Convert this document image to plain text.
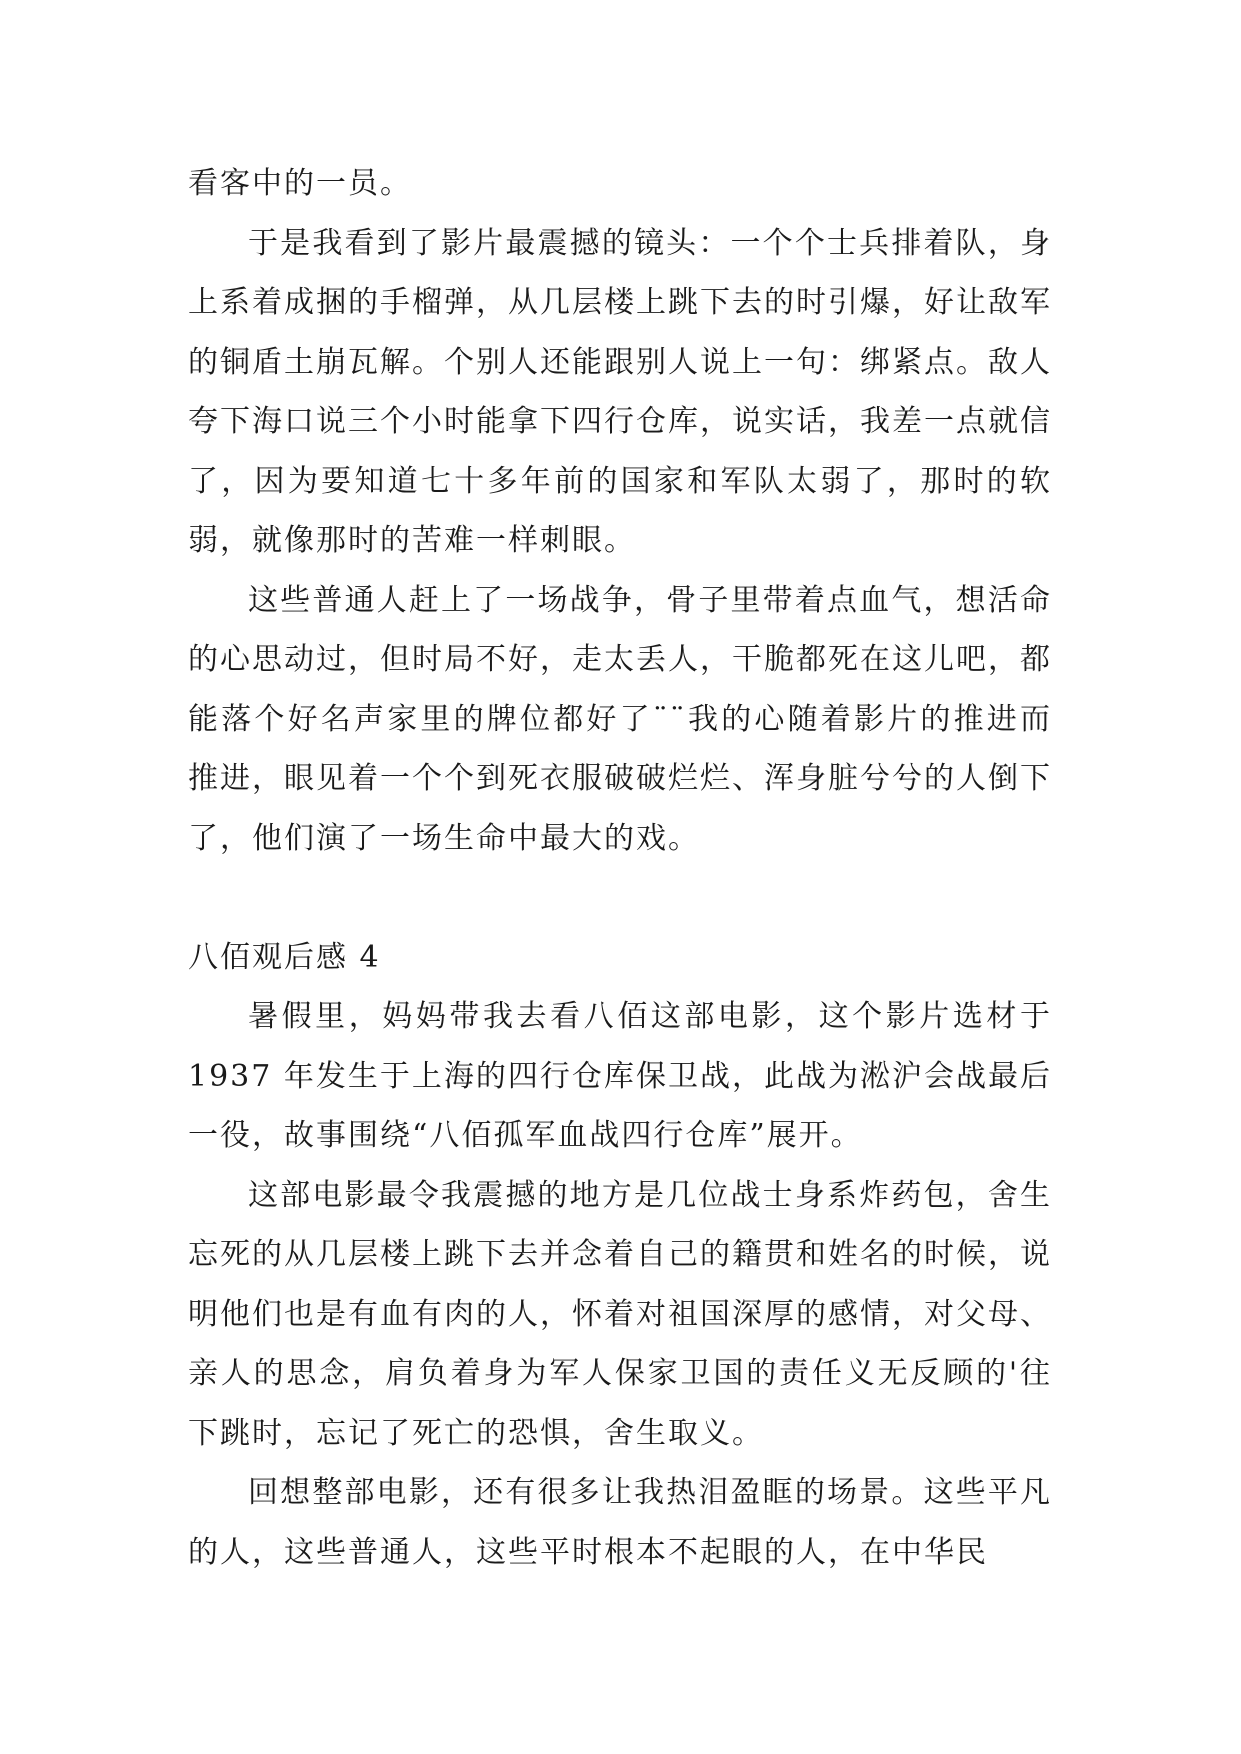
看客中的一员。

于是我看到了影片最震撼的镜头：一个个士兵排着队，身上系着成捆的手榴弹，从几层楼上跳下去的时引爆，好让敌军的铜盾土崩瓦解。个别人还能跟别人说上一句：绑紧点。敌人夸下海口说三个小时能拿下四行仓库，说实话，我差一点就信了，因为要知道七十多年前的国家和军队太弱了，那时的软弱，就像那时的苦难一样刺眼。

这些普通人赶上了一场战争，骨子里带着点血气，想活命的心思动过，但时局不好，走太丢人，干脆都死在这儿吧，都能落个好名声家里的牌位都好了¨¨我的心随着影片的推进而推进，眼见着一个个到死衣服破破烂烂、浑身脏兮兮的人倒下了，他们演了一场生命中最大的戏。

八佰观后感 4

暑假里，妈妈带我去看八佰这部电影，这个影片选材于1937 年发生于上海的四行仓库保卫战，此战为淞沪会战最后一役，故事围绕“八佰孤军血战四行仓库”展开。

这部电影最令我震撼的地方是几位战士身系炸药包，舍生忘死的从几层楼上跳下去并念着自己的籍贯和姓名的时候，说明他们也是有血有肉的人，怀着对祖国深厚的感情，对父母、亲人的思念，肩负着身为军人保家卫国的责任义无反顾的'往下跳时，忘记了死亡的恐惧，舍生取义。

回想整部电影，还有很多让我热泪盈眶的场景。这些平凡的人，这些普通人，这些平时根本不起眼的人，在中华民
